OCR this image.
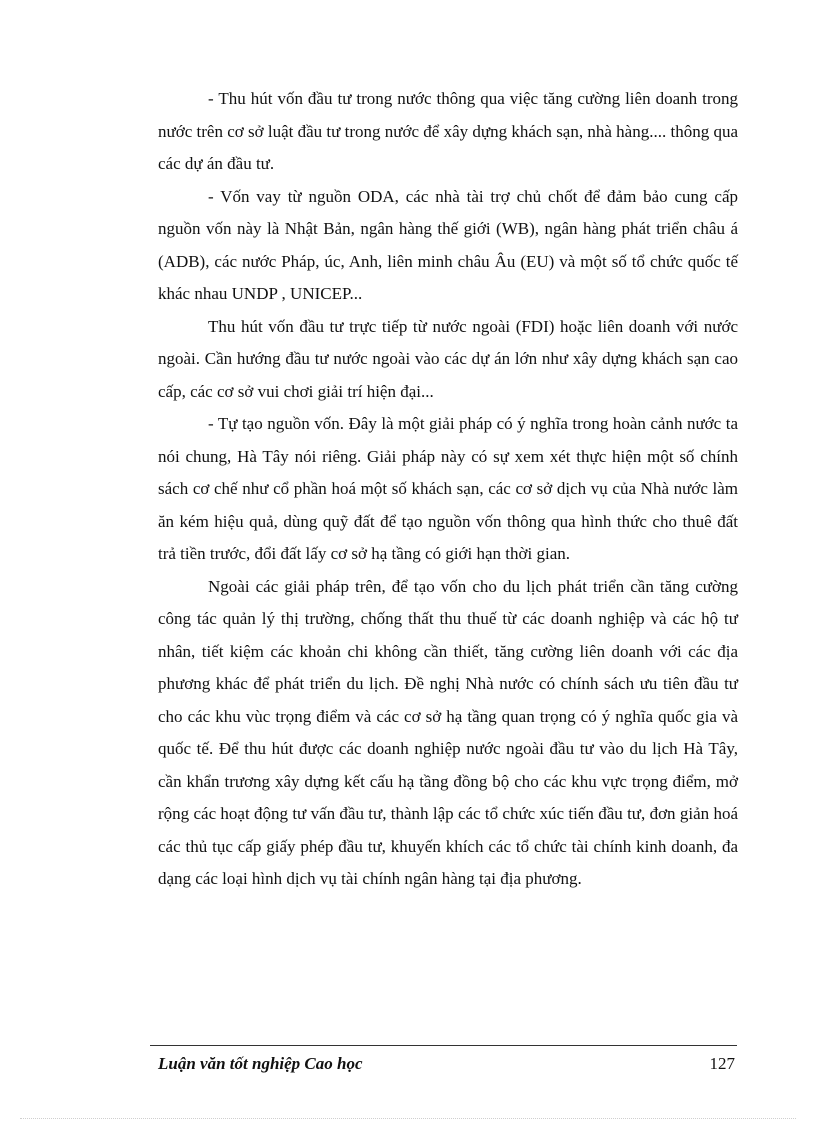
- Thu hút vốn đầu tư trong nước thông qua việc tăng cường liên doanh trong nước trên cơ sở luật đầu tư trong nước để xây dựng khách sạn, nhà hàng.... thông qua các dự án đầu tư.

- Vốn vay từ nguồn ODA, các nhà tài trợ chủ chốt để đảm bảo cung cấp nguồn vốn này là Nhật Bản, ngân hàng thế giới (WB), ngân hàng phát triển châu á (ADB), các nước Pháp, úc, Anh, liên minh châu Âu (EU) và một số tổ chức quốc tế khác nhau UNDP , UNICEP...

Thu hút vốn đầu tư trực tiếp từ nước ngoài (FDI) hoặc liên doanh với nước ngoài. Cần hướng đầu tư nước ngoài vào các dự án lớn như xây dựng khách sạn cao cấp, các cơ sở vui chơi giải trí hiện đại...

- Tự tạo nguồn vốn. Đây là một giải pháp có ý nghĩa trong hoàn cảnh nước ta nói chung, Hà Tây nói riêng. Giải pháp này có sự xem xét thực hiện một số chính sách cơ chế như cổ phần hoá một số khách sạn, các cơ sở dịch vụ của Nhà nước làm ăn kém hiệu quả, dùng quỹ đất để tạo nguồn vốn thông qua hình thức cho thuê đất trả tiền trước, đổi đất lấy cơ sở hạ tầng có giới hạn thời gian.

Ngoài các giải pháp trên, để tạo vốn cho du lịch phát triển cần tăng cường công tác quản lý thị trường, chống thất thu thuế từ các doanh nghiệp và các hộ tư nhân, tiết kiệm các khoản chi không cần thiết, tăng cường liên doanh với các địa phương khác để phát triển du lịch. Đề nghị Nhà nước có chính sách ưu tiên đầu tư cho các khu vùc trọng điểm và các cơ sở hạ tầng quan trọng có ý nghĩa quốc gia và quốc tế. Để thu hút được các doanh nghiệp nước ngoài đầu tư vào du lịch Hà Tây, cần khẩn trương xây dựng kết cấu hạ tầng đồng bộ cho các khu vực trọng điểm, mở rộng các hoạt động tư vấn đầu tư, thành lập các tổ chức xúc tiến đầu tư, đơn giản hoá các thủ tục cấp giấy phép đầu tư, khuyến khích các tổ chức tài chính kinh doanh, đa dạng các loại hình dịch vụ tài chính ngân hàng tại địa phương.

Luận văn tốt nghiệp Cao học	127
